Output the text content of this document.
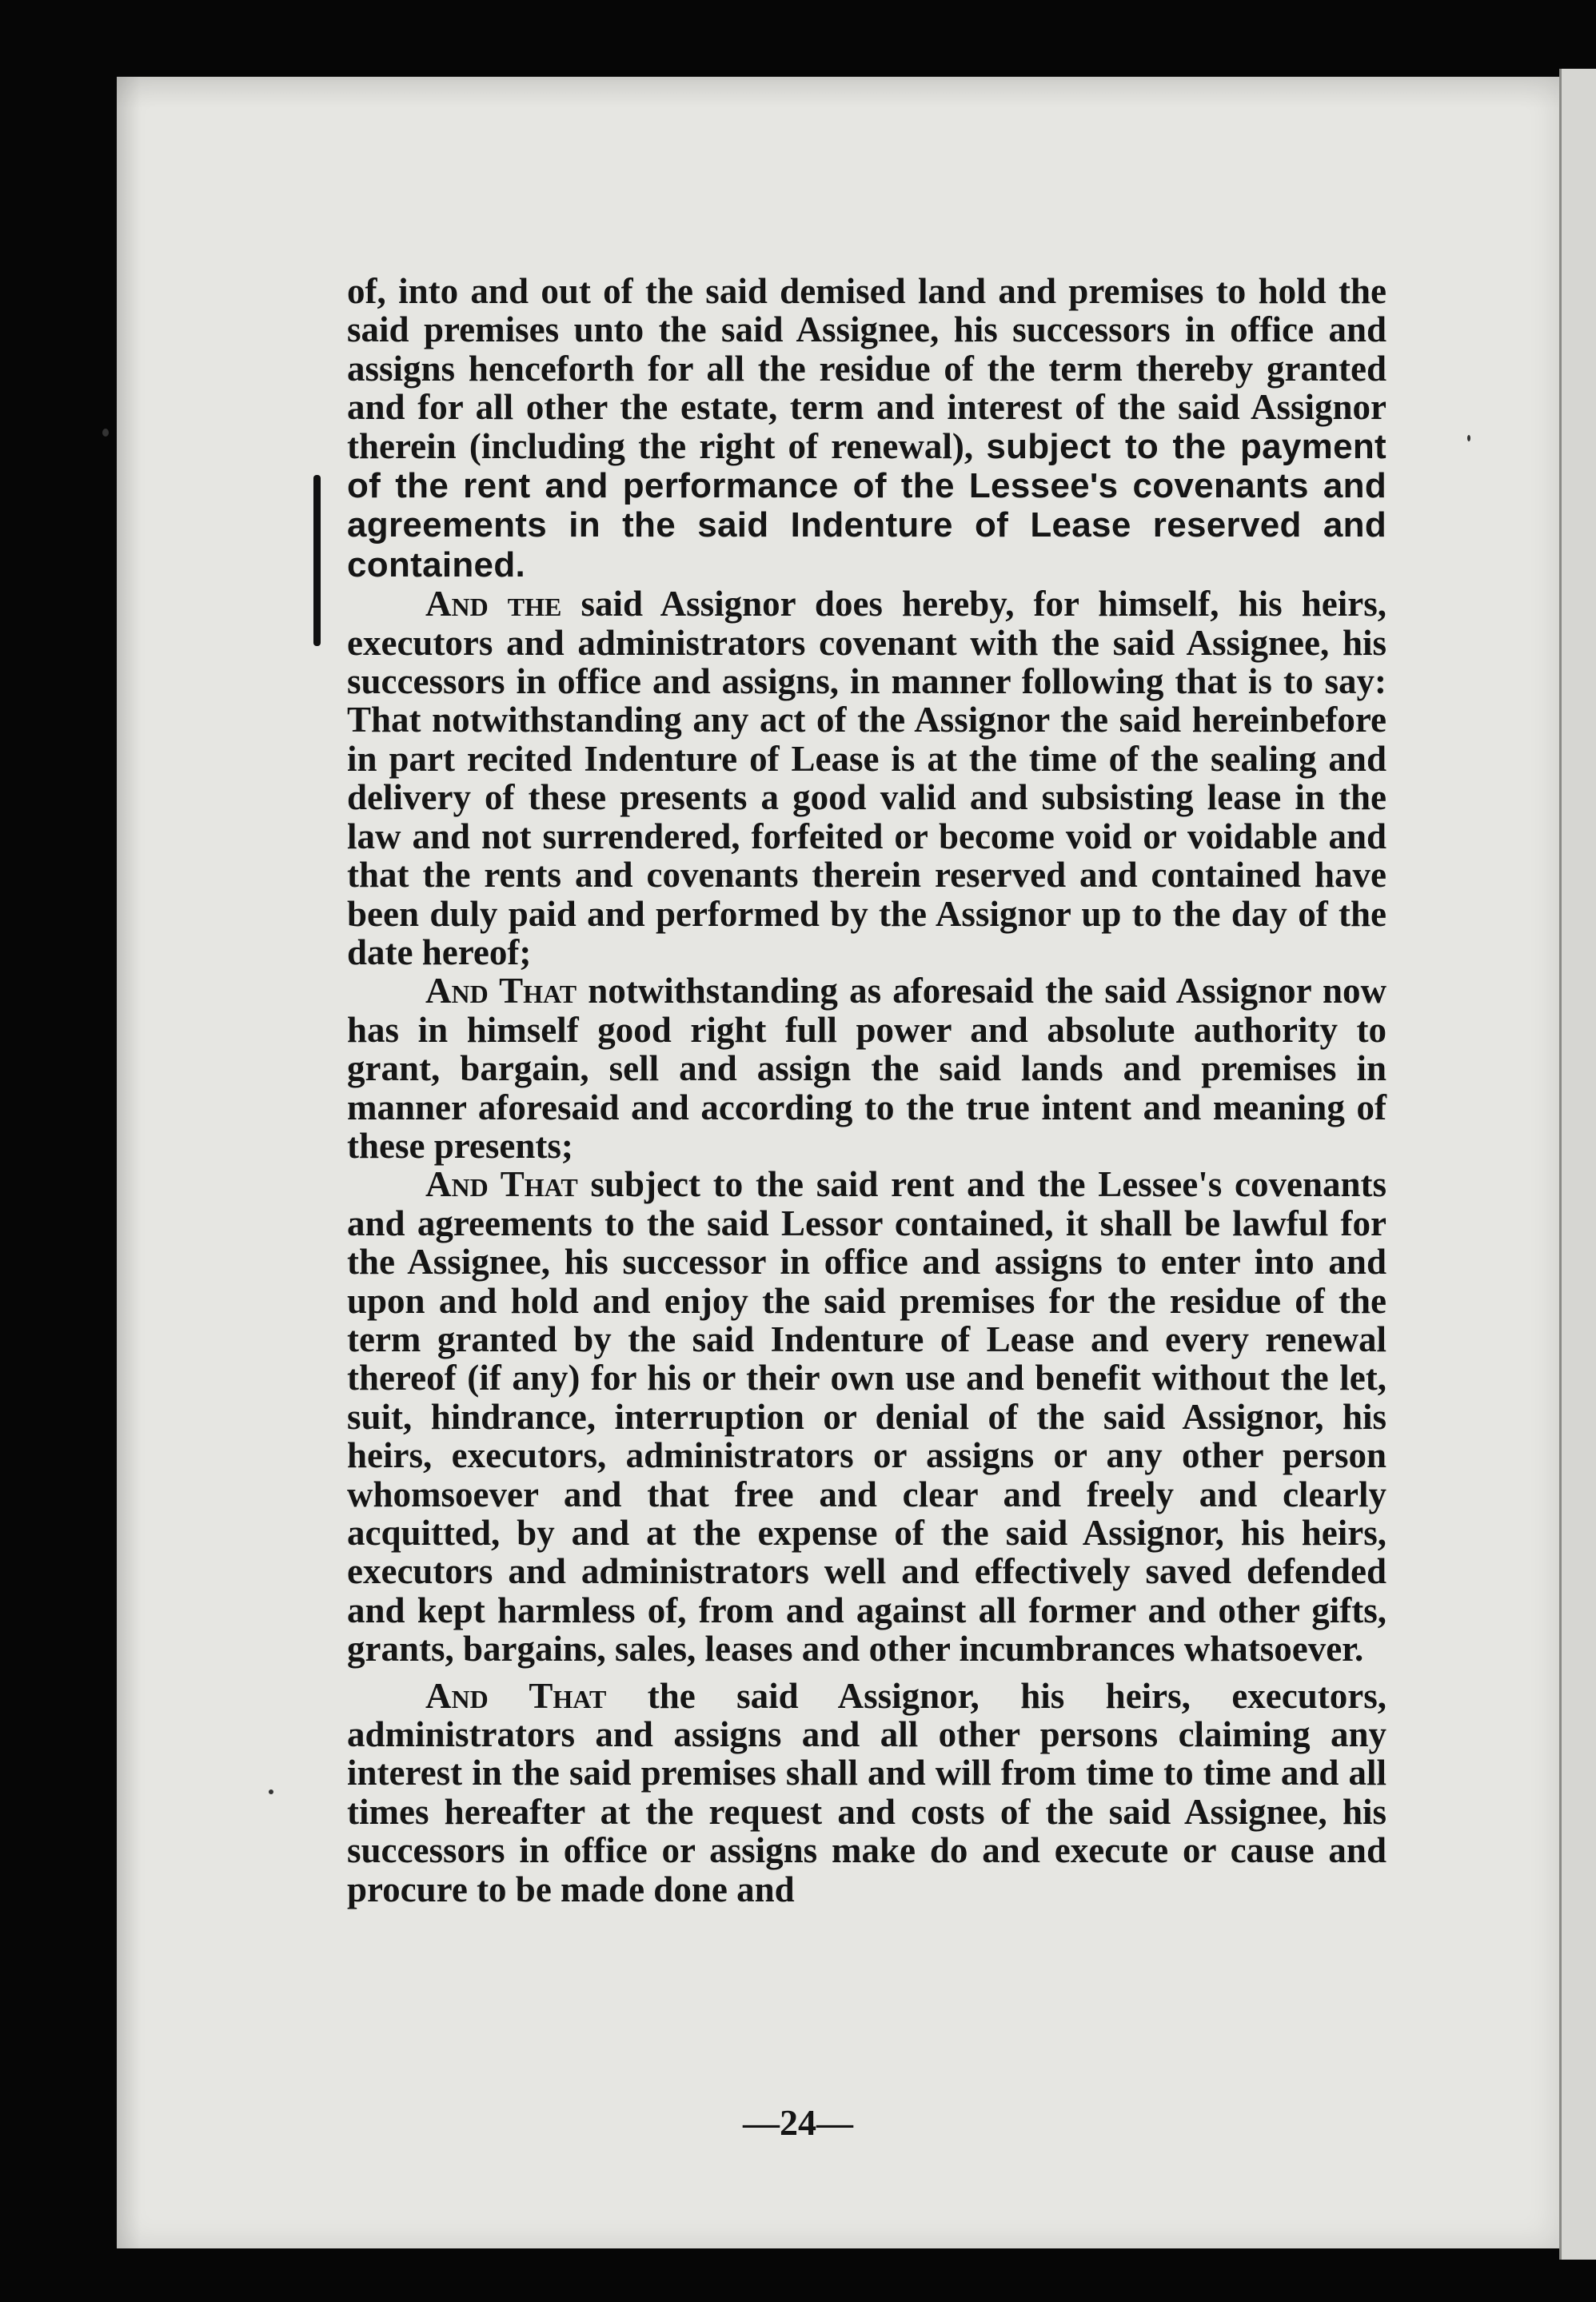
of, into and out of the said demised land and premises to hold the said premises unto the said Assignee, his successors in office and assigns henceforth for all the residue of the term thereby granted and for all other the estate, term and interest of the said Assignor therein (including the right of renewal), subject to the payment of the rent and performance of the Lessee's covenants and agreements in the said Indenture of Lease reserved and contained.

And the said Assignor does hereby, for himself, his heirs, executors and administrators covenant with the said Assignee, his successors in office and assigns, in manner following that is to say: That notwithstanding any act of the Assignor the said hereinbefore in part recited Indenture of Lease is at the time of the sealing and delivery of these presents a good valid and subsisting lease in the law and not surrendered, forfeited or become void or voidable and that the rents and covenants therein reserved and contained have been duly paid and performed by the Assignor up to the day of the date hereof;

And That notwithstanding as aforesaid the said Assignor now has in himself good right full power and absolute authority to grant, bargain, sell and assign the said lands and premises in manner aforesaid and according to the true intent and meaning of these presents;

And That subject to the said rent and the Lessee's covenants and agreements to the said Lessor contained, it shall be lawful for the Assignee, his successor in office and assigns to enter into and upon and hold and enjoy the said premises for the residue of the term granted by the said Indenture of Lease and every renewal thereof (if any) for his or their own use and benefit without the let, suit, hindrance, interruption or denial of the said Assignor, his heirs, executors, administrators or assigns or any other person whomsoever and that free and clear and freely and clearly acquitted, by and at the expense of the said Assignor, his heirs, executors and administrators well and effectively saved defended and kept harmless of, from and against all former and other gifts, grants, bargains, sales, leases and other incumbrances whatsoever.

And That the said Assignor, his heirs, executors, administrators and assigns and all other persons claiming any interest in the said premises shall and will from time to time and all times hereafter at the request and costs of the said Assignee, his successors in office or assigns make do and execute or cause and procure to be made done and

—24—
